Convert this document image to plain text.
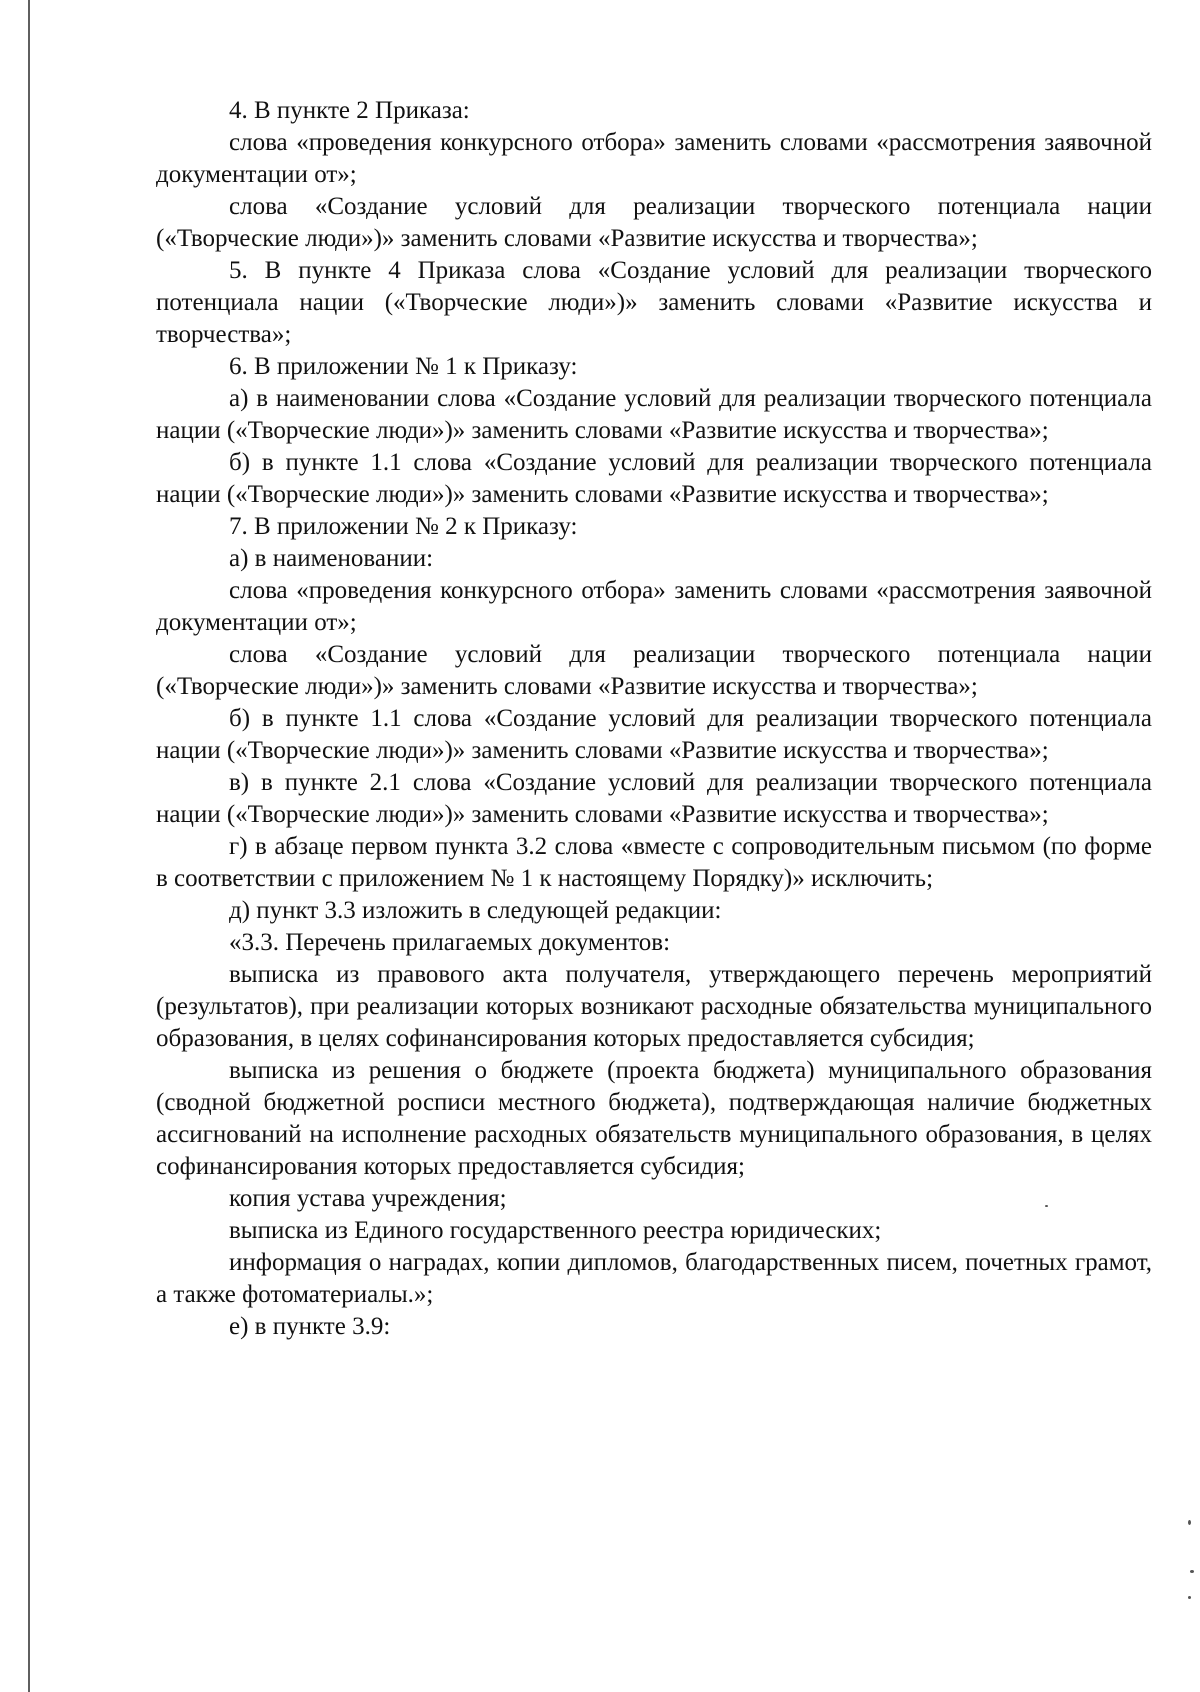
4. В пункте 2 Приказа:

слова «проведения конкурсного отбора» заменить словами «рассмотрения заявочной документации от»;

слова «Создание условий для реализации творческого потенциала нации («Творческие люди»)» заменить словами «Развитие искусства и творчества»;

5. В пункте 4 Приказа слова «Создание условий для реализации творческого потенциала нации («Творческие люди»)» заменить словами «Развитие искусства и творчества»;

6. В приложении № 1 к Приказу:

а) в наименовании слова «Создание условий для реализации творческого потенциала нации («Творческие люди»)» заменить словами «Развитие искусства и творчества»;

б) в пункте 1.1 слова «Создание условий для реализации творческого потенциала нации («Творческие люди»)» заменить словами «Развитие искусства и творчества»;

7. В приложении № 2 к Приказу:

а) в наименовании:

слова «проведения конкурсного отбора» заменить словами «рассмотрения заявочной документации от»;

слова «Создание условий для реализации творческого потенциала нации («Творческие люди»)» заменить словами «Развитие искусства и творчества»;

б) в пункте 1.1 слова «Создание условий для реализации творческого потенциала нации («Творческие люди»)» заменить словами «Развитие искусства и творчества»;

в) в пункте 2.1 слова «Создание условий для реализации творческого потенциала нации («Творческие люди»)» заменить словами «Развитие искусства и творчества»;

г) в абзаце первом пункта 3.2 слова «вместе с сопроводительным письмом (по форме в соответствии с приложением № 1 к настоящему Порядку)» исключить;

д) пункт 3.3 изложить в следующей редакции:

«3.3. Перечень прилагаемых документов:

выписка из правового акта получателя, утверждающего перечень мероприятий (результатов), при реализации которых возникают расходные обязательства муниципального образования, в целях софинансирования которых предоставляется субсидия;

выписка из решения о бюджете (проекта бюджета) муниципального образования (сводной бюджетной росписи местного бюджета), подтверждающая наличие бюджетных ассигнований на исполнение расходных обязательств муниципального образования, в целях софинансирования которых предоставляется субсидия;

копия устава учреждения;

выписка из Единого государственного реестра юридических;

информация о наградах, копии дипломов, благодарственных писем, почетных грамот, а также фотоматериалы.»;

е) в пункте 3.9:
